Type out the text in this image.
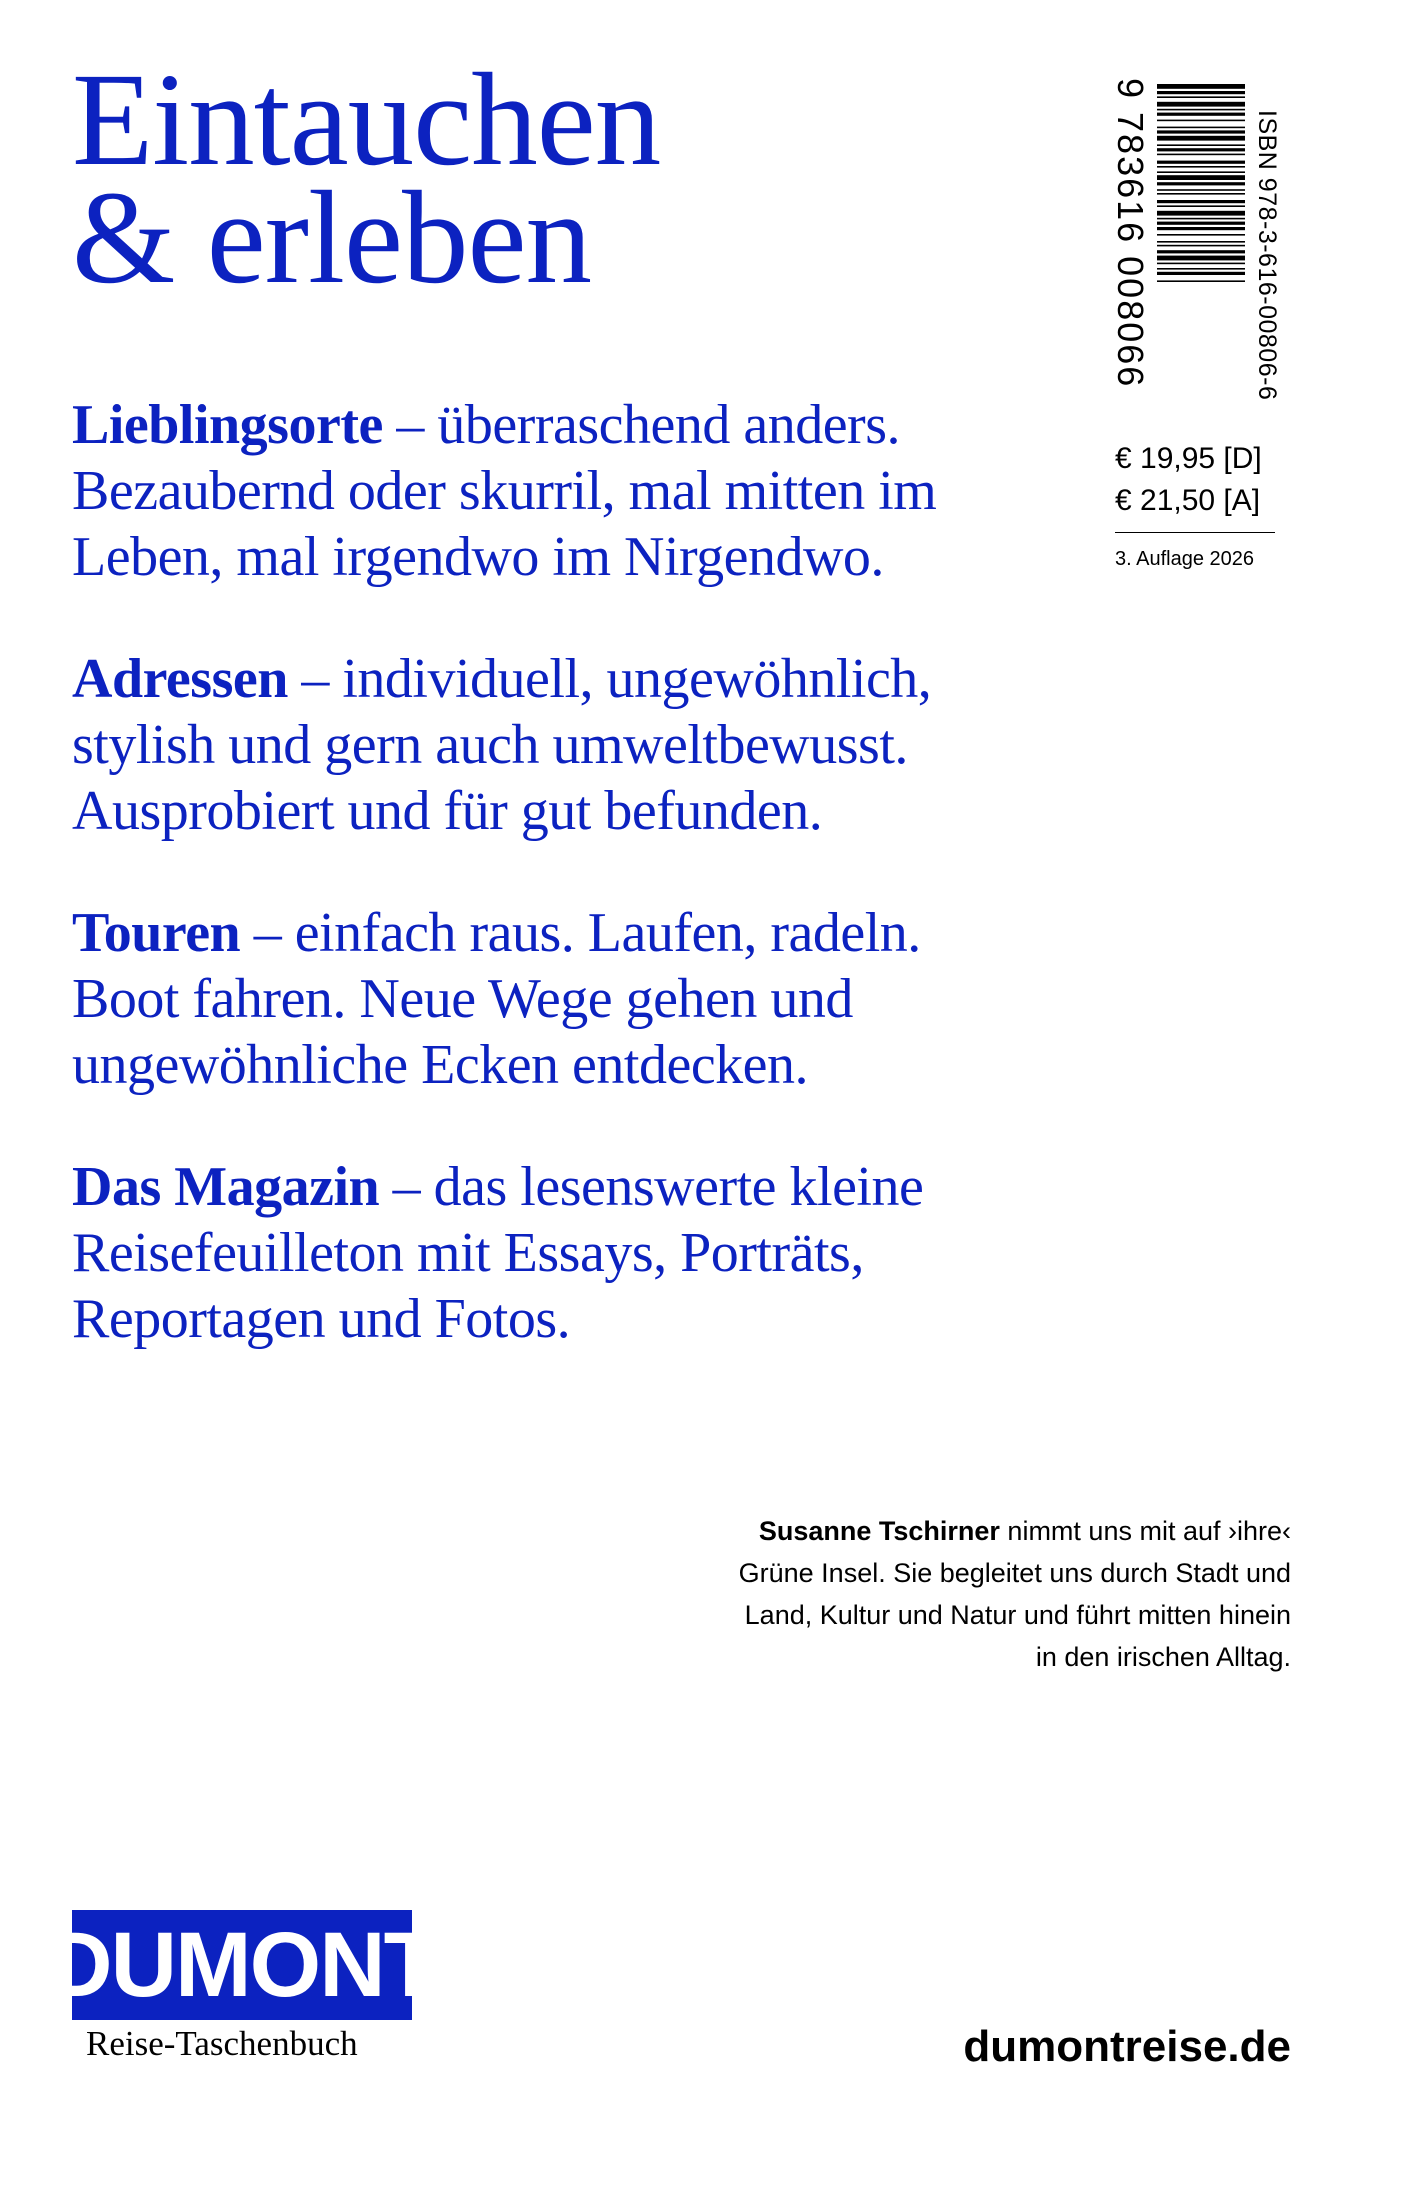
Eintauchen
& erleben

Lieblingsorte – überraschend anders. Bezaubernd oder skurril, mal mitten im Leben, mal irgendwo im Nirgendwo.

Adressen – individuell, ungewöhnlich, stylish und gern auch umweltbewusst. Ausprobiert und für gut befunden.

Touren – einfach raus. Laufen, radeln. Boot fahren. Neue Wege gehen und ungewöhnliche Ecken entdecken.

Das Magazin – das lesenswerte kleine Reisefeuilleton mit Essays, Porträts, Reportagen und Fotos.

9 783616 008066	ISBN 978-3-616-00806-6
€ 19,95 [D]
€ 21,50 [A]
3. Auflage 2026
Susanne Tschirner nimmt uns mit auf ›ihre‹ Grüne Insel. Sie begleitet uns durch Stadt und Land, Kultur und Natur und führt mitten hinein in den irischen Alltag.
DUMONT
Reise-Taschenbuch	dumontreise.de
